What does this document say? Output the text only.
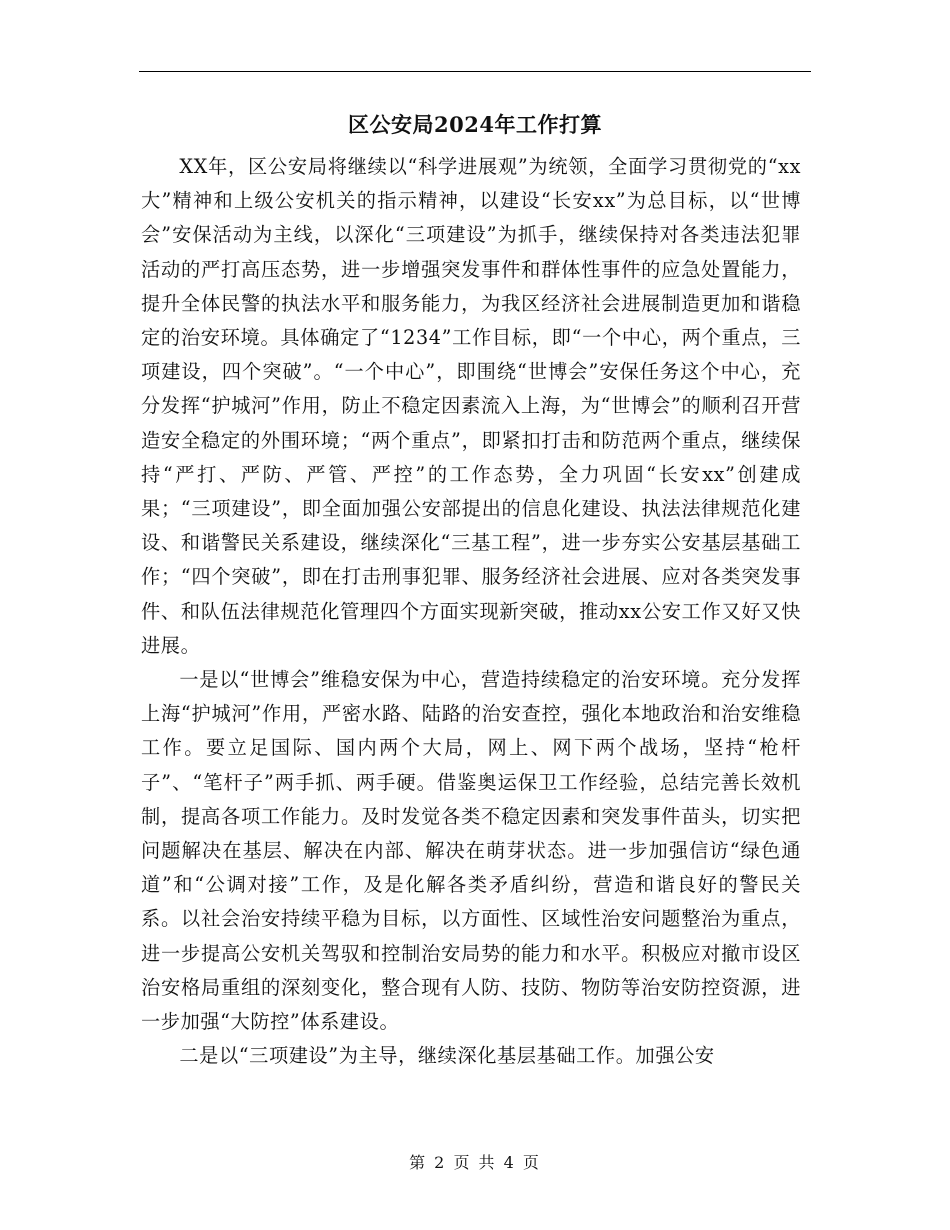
区公安局2024年工作打算

XX年，区公安局将继续以“科学进展观”为统领，全面学习贯彻党的“xx大”精神和上级公安机关的指示精神，以建设“长安xx”为总目标，以“世博会”安保活动为主线，以深化“三项建设”为抓手，继续保持对各类违法犯罪活动的严打高压态势，进一步增强突发事件和群体性事件的应急处置能力，提升全体民警的执法水平和服务能力，为我区经济社会进展制造更加和谐稳定的治安环境。具体确定了“1234”工作目标，即“一个中心，两个重点，三项建设，四个突破”。“一个中心”，即围绕“世博会”安保任务这个中心，充分发挥“护城河”作用，防止不稳定因素流入上海，为“世博会”的顺利召开营造安全稳定的外围环境；“两个重点”，即紧扣打击和防范两个重点，继续保持“严打、严防、严管、严控”的工作态势，全力巩固“长安xx”创建成果；“三项建设”，即全面加强公安部提出的信息化建设、执法法律规范化建设、和谐警民关系建设，继续深化“三基工程”，进一步夯实公安基层基础工作；“四个突破”，即在打击刑事犯罪、服务经济社会进展、应对各类突发事件、和队伍法律规范化管理四个方面实现新突破，推动xx公安工作又好又快进展。

一是以“世博会”维稳安保为中心，营造持续稳定的治安环境。充分发挥上海“护城河”作用，严密水路、陆路的治安查控，强化本地政治和治安维稳工作。要立足国际、国内两个大局，网上、网下两个战场，坚持“枪杆子”、“笔杆子”两手抓、两手硬。借鉴奥运保卫工作经验，总结完善长效机制，提高各项工作能力。及时发觉各类不稳定因素和突发事件苗头，切实把问题解决在基层、解决在内部、解决在萌芽状态。进一步加强信访“绿色通道”和“公调对接”工作，及是化解各类矛盾纠纷，营造和谐良好的警民关系。以社会治安持续平稳为目标，以方面性、区域性治安问题整治为重点，进一步提高公安机关驾驭和控制治安局势的能力和水平。积极应对撤市设区治安格局重组的深刻变化，整合现有人防、技防、物防等治安防控资源，进一步加强“大防控”体系建设。

二是以“三项建设”为主导，继续深化基层基础工作。加强公安

第 2 页 共 4 页
